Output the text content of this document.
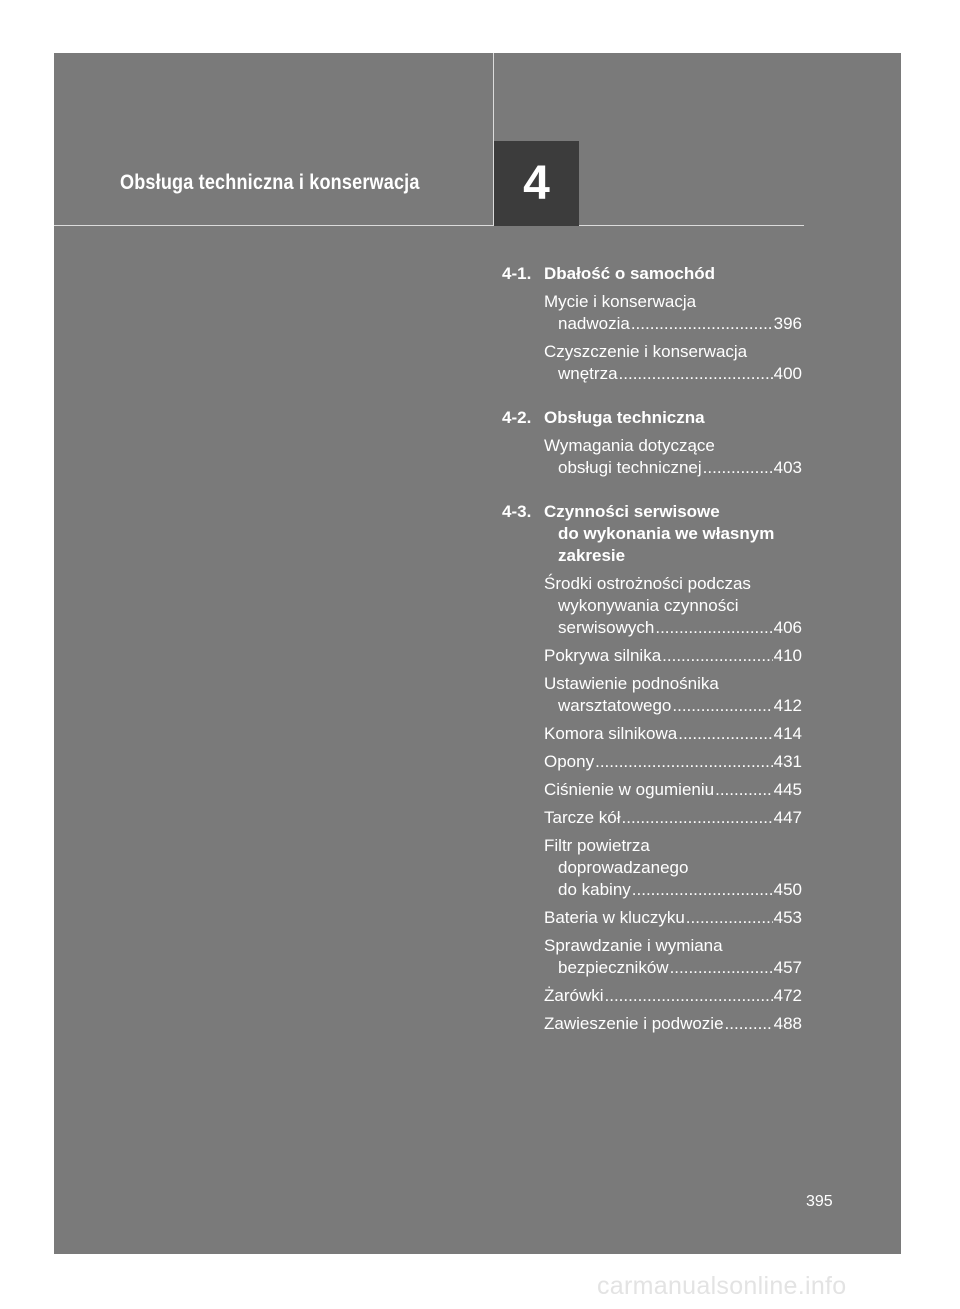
Obsługa techniczna i konserwacja	4
4-1. Dbałość o samochód
Mycie i konserwacja
nadwozia .....	396
Czyszczenie i konserwacja
wnętrza .....	400
4-2. Obsługa techniczna
Wymagania dotyczące
obsługi technicznej .....	403
4-3. Czynności serwisowe
do wykonania we własnym
zakresie
Środki ostrożności podczas
wykonywania czynności
serwisowych .....	406
Pokrywa silnika .....	410
Ustawienie podnośnika
warsztatowego .....	412
Komora silnikowa .....	414
Opony .....	431
Ciśnienie w ogumieniu .....	445
Tarcze kół .....	447
Filtr powietrza
doprowadzanego
do kabiny .....	450
Bateria w kluczyku .....	453
Sprawdzanie i wymiana
bezpieczników .....	457
Żarówki .....	472
Zawieszenie i podwozie .....	488
395
carmanualsonline.info
